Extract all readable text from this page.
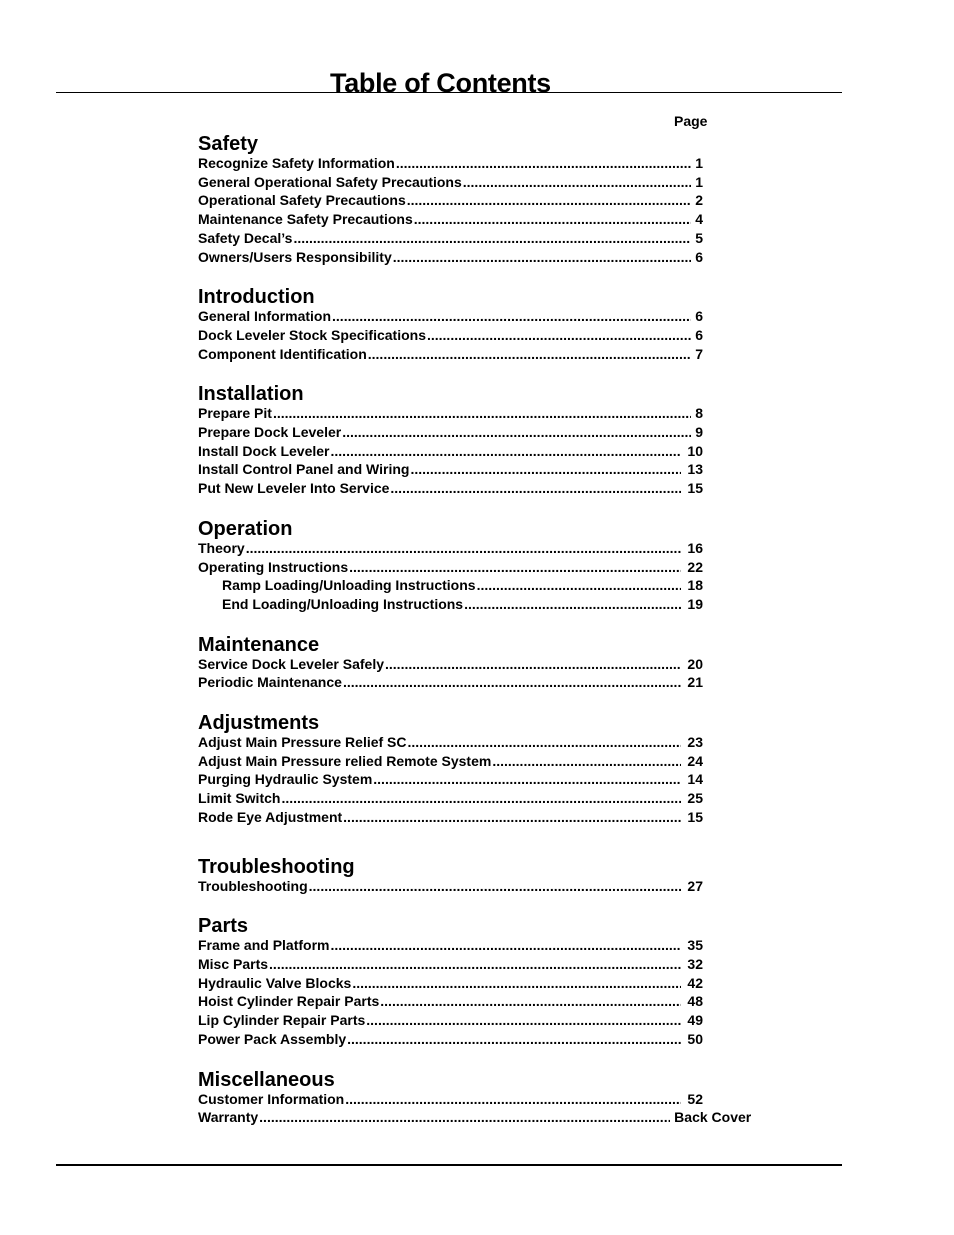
Table of Contents
Page
Safety
Recognize Safety Information .....	1
General Operational Safety Precautions .....	1
Operational Safety Precautions .....	2
Maintenance Safety Precautions .....	4
Safety Decal’s .....	5
Owners/Users Responsibility .....	6
Introduction
General Information .....	6
Dock Leveler Stock Specifications .....	6
Component Identification .....	7
Installation
Prepare Pit .....	8
Prepare Dock Leveler .....	9
Install Dock Leveler .....	10
Install Control Panel and Wiring .....	13
Put New Leveler Into Service .....	15
Operation
Theory .....	16
Operating Instructions .....	22
Ramp Loading/Unloading Instructions .....	18
End Loading/Unloading Instructions .....	19
Maintenance
Service Dock Leveler Safely .....	20
Periodic Maintenance .....	21
Adjustments
Adjust Main Pressure Relief SC .....	23
Adjust Main Pressure relied Remote System .....	24
Purging Hydraulic System .....	14
Limit Switch .....	25
Rode Eye Adjustment .....	15
Troubleshooting
Troubleshooting .....	27
Parts
Frame and Platform .....	35
Misc Parts .....	32
Hydraulic Valve Blocks .....	42
Hoist Cylinder Repair Parts .....	48
Lip Cylinder Repair Parts .....	49
Power Pack Assembly .....	50
Miscellaneous
Customer Information .....	52
Warranty .....	Back Cover
